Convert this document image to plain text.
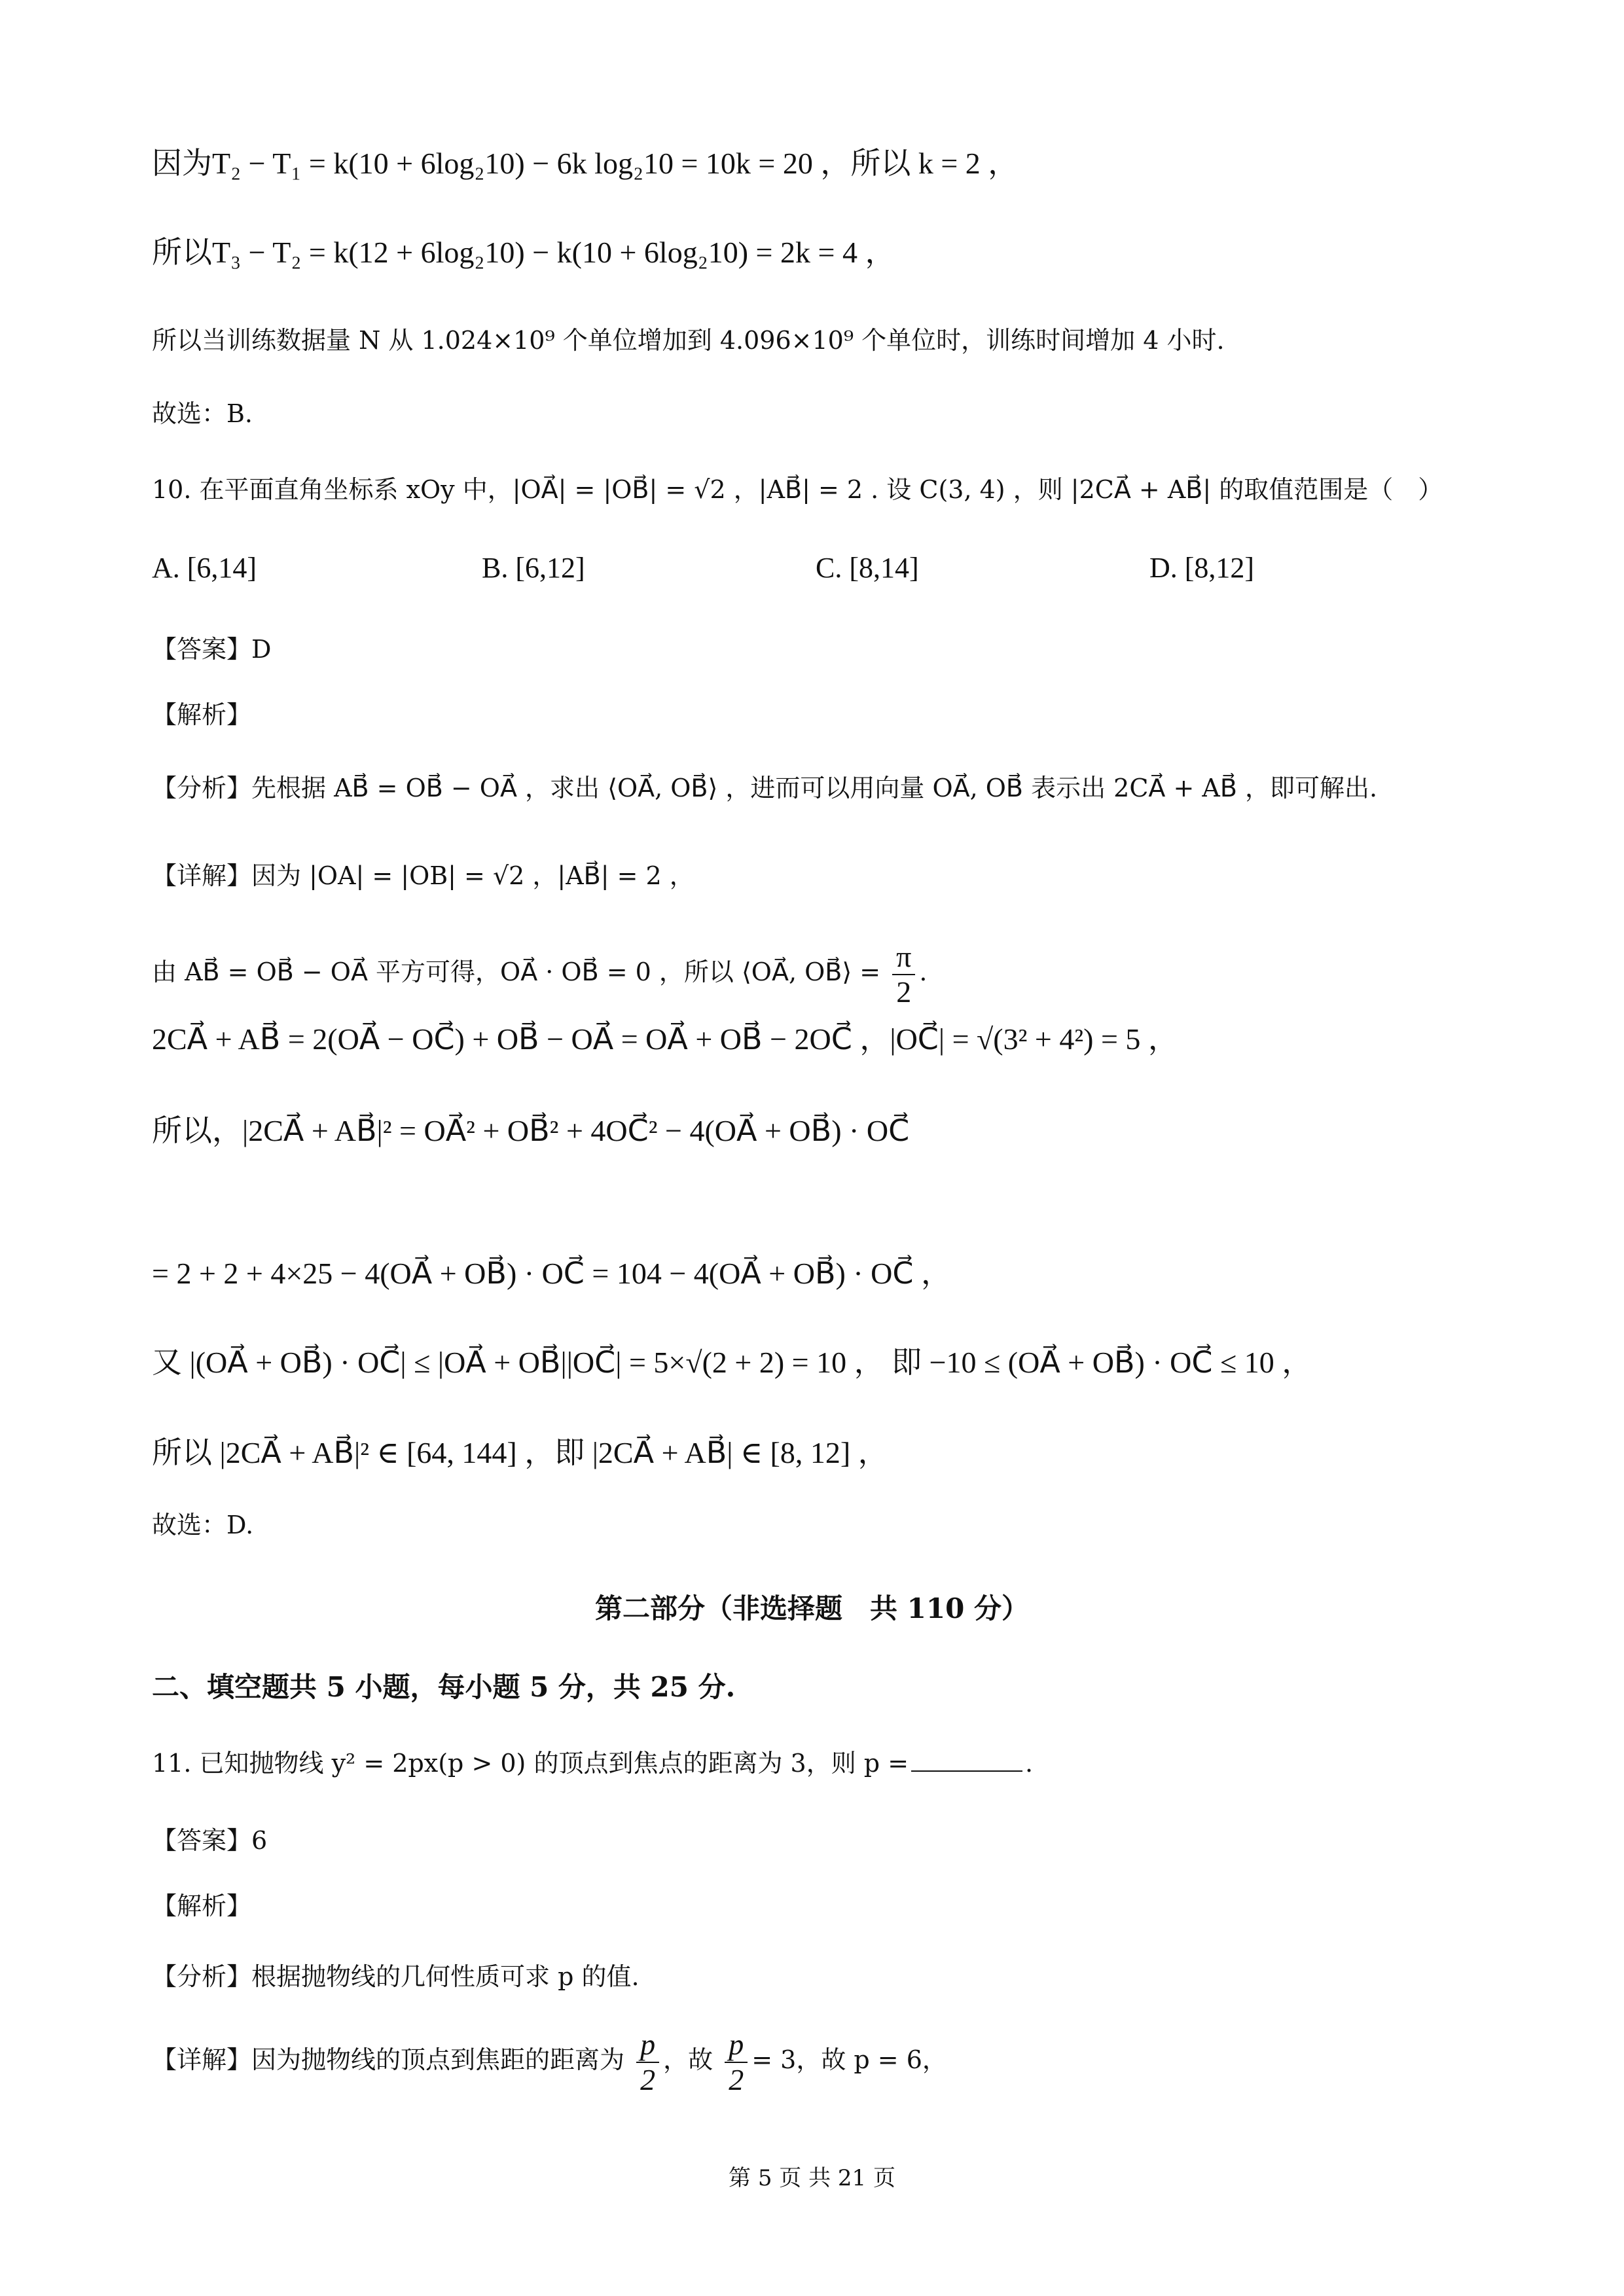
因为T₂ − T₁ = k(10 + 6log₂10) − 6k log₂10 = 10k = 20 ，所以 k = 2 ，
所以T₃ − T₂ = k(12 + 6log₂10) − k(10 + 6log₂10) = 2k = 4 ，
所以当训练数据量 N 从 1.024×10⁹ 个单位增加到 4.096×10⁹ 个单位时，训练时间增加 4 小时.
故选：B.
10. 在平面直角坐标系 xOy 中，|OA⃗| = |OB⃗| = √2 ，|AB⃗| = 2 . 设 C(3, 4) ，则 |2CA⃗ + AB⃗| 的取值范围是（　）
A. [6,14]	B. [6,12]	C. [8,14]	D. [8,12]
【答案】D
【解析】
【分析】先根据 AB⃗ = OB⃗ − OA⃗ ，求出 ⟨OA⃗, OB⃗⟩ ，进而可以用向量 OA⃗, OB⃗ 表示出 2CA⃗ + AB⃗ ，即可解出.
【详解】因为 |OA| = |OB| = √2 ，|AB⃗| = 2 ，
由 AB⃗ = OB⃗ − OA⃗ 平方可得，OA⃗ · OB⃗ = 0 ，所以 ⟨OA⃗, OB⃗⟩ = $\frac{\pi}{2}$ .
2CA⃗ + AB⃗ = 2(OA⃗ − OC⃗) + OB⃗ − OA⃗ = OA⃗ + OB⃗ − 2OC⃗ ，|OC⃗| = √(3² + 4²) = 5 ，
所以，|2CA⃗ + AB⃗|² = OA⃗² + OB⃗² + 4OC⃗² − 4(OA⃗ + OB⃗) · OC⃗
= 2 + 2 + 4×25 − 4(OA⃗ + OB⃗) · OC⃗ = 104 − 4(OA⃗ + OB⃗) · OC⃗ ，
又 |(OA⃗ + OB⃗) · OC⃗| ≤ |OA⃗ + OB⃗||OC⃗| = 5×√(2 + 2) = 10 ， 即 −10 ≤ (OA⃗ + OB⃗) · OC⃗ ≤ 10 ，
所以 |2CA⃗ + AB⃗|² ∈ [64, 144] ，即 |2CA⃗ + AB⃗| ∈ [8, 12] ，
故选：D.
第二部分（非选择题　共 110 分）
二、填空题共 5 小题，每小题 5 分，共 25 分.
11. 已知抛物线 y² = 2px(p > 0) 的顶点到焦点的距离为 3，则 p =	.
【答案】6
【解析】
【分析】根据抛物线的几何性质可求 p 的值.
【详解】因为抛物线的顶点到焦距的距离为 $\frac{p}{2}$ ，故 $\frac{p}{2} = 3$，故 p = 6，
第 5 页 共 21 页
